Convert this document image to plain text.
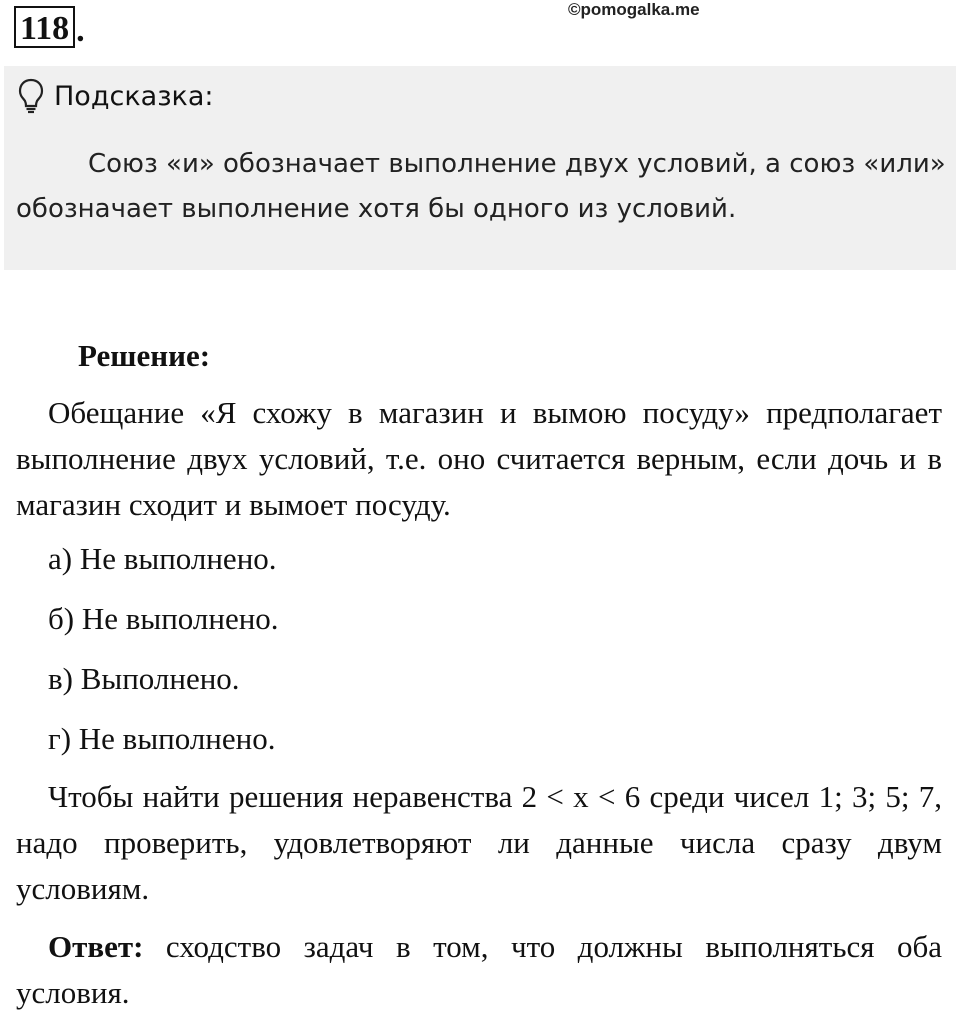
118 .
©pomogalka.me
Подсказка:
Союз «и» обозначает выполнение двух условий, а союз «или» обозначает выполнение хотя бы одного из условий.
Решение:
Обещание «Я схожу в магазин и вымою посуду» предполагает выполнение двух условий, т.е. оно считается верным, если дочь и в магазин сходит и вымоет посуду.
а) Не выполнено.
б) Не выполнено.
в) Выполнено.
г) Не выполнено.
Чтобы найти решения неравенства 2 < x < 6 среди чисел 1; 3; 5; 7, надо проверить, удовлетворяют ли данные числа сразу двум условиям.
Ответ: сходство задач в том, что должны выполняться оба условия.
